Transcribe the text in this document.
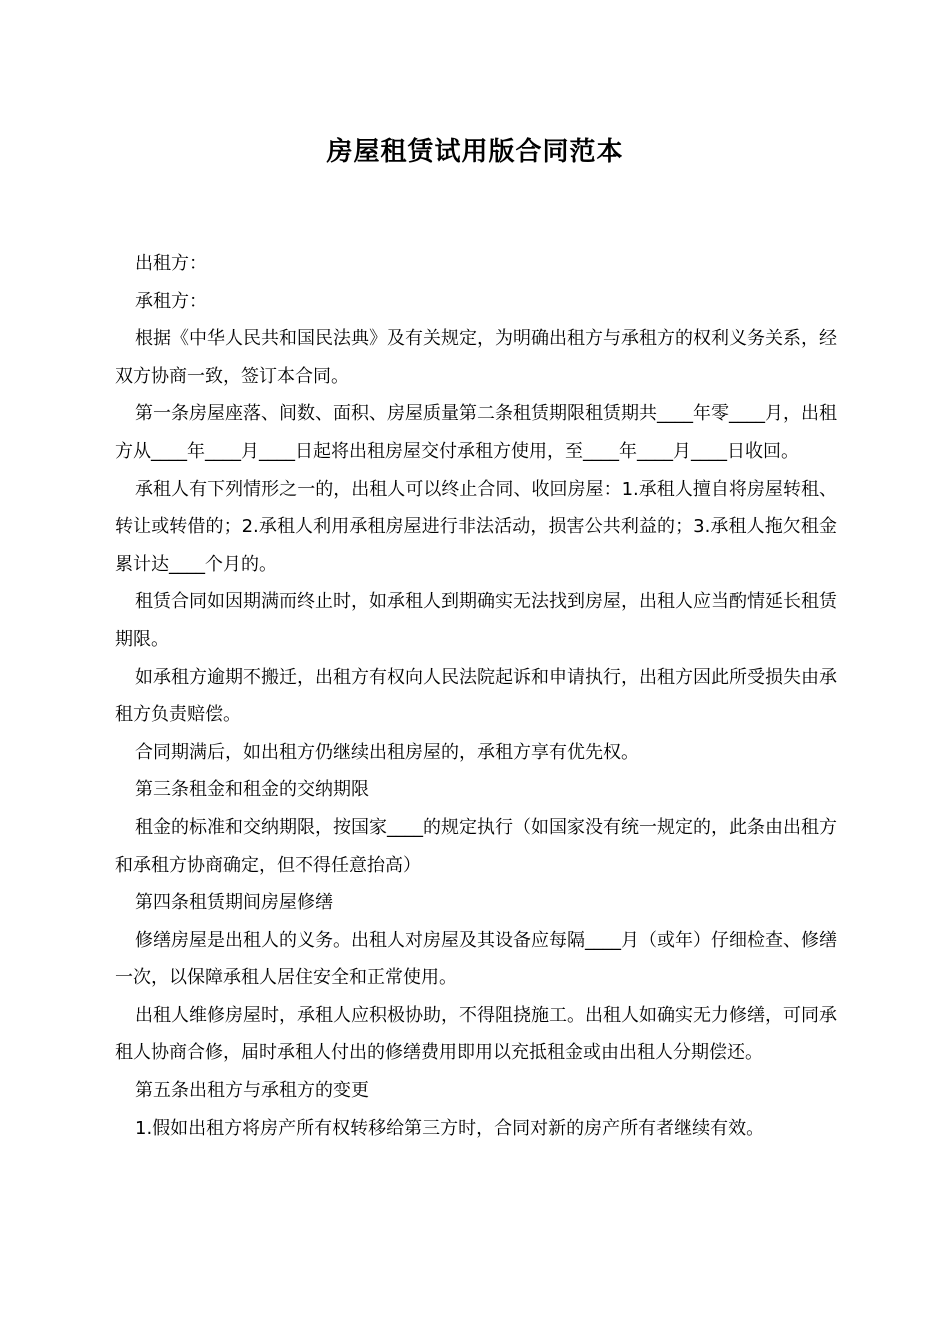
房屋租赁试用版合同范本

出租方：

承租方：

根据《中华人民共和国民法典》及有关规定，为明确出租方与承租方的权利义务关系，经双方协商一致，签订本合同。

第一条房屋座落、间数、面积、房屋质量第二条租赁期限租赁期共____年零____月，出租方从____年____月____日起将出租房屋交付承租方使用，至____年____月____日收回。

承租人有下列情形之一的，出租人可以终止合同、收回房屋：1.承租人擅自将房屋转租、转让或转借的；2.承租人利用承租房屋进行非法活动，损害公共利益的；3.承租人拖欠租金累计达____个月的。

租赁合同如因期满而终止时，如承租人到期确实无法找到房屋，出租人应当酌情延长租赁期限。

如承租方逾期不搬迁，出租方有权向人民法院起诉和申请执行，出租方因此所受损失由承租方负责赔偿。

合同期满后，如出租方仍继续出租房屋的，承租方享有优先权。

第三条租金和租金的交纳期限

租金的标准和交纳期限，按国家____的规定执行（如国家没有统一规定的，此条由出租方和承租方协商确定，但不得任意抬高）

第四条租赁期间房屋修缮

修缮房屋是出租人的义务。出租人对房屋及其设备应每隔____月（或年）仔细检查、修缮一次，以保障承租人居住安全和正常使用。

出租人维修房屋时，承租人应积极协助，不得阻挠施工。出租人如确实无力修缮，可同承租人协商合修，届时承租人付出的修缮费用即用以充抵租金或由出租人分期偿还。

第五条出租方与承租方的变更

1.假如出租方将房产所有权转移给第三方时，合同对新的房产所有者继续有效。
